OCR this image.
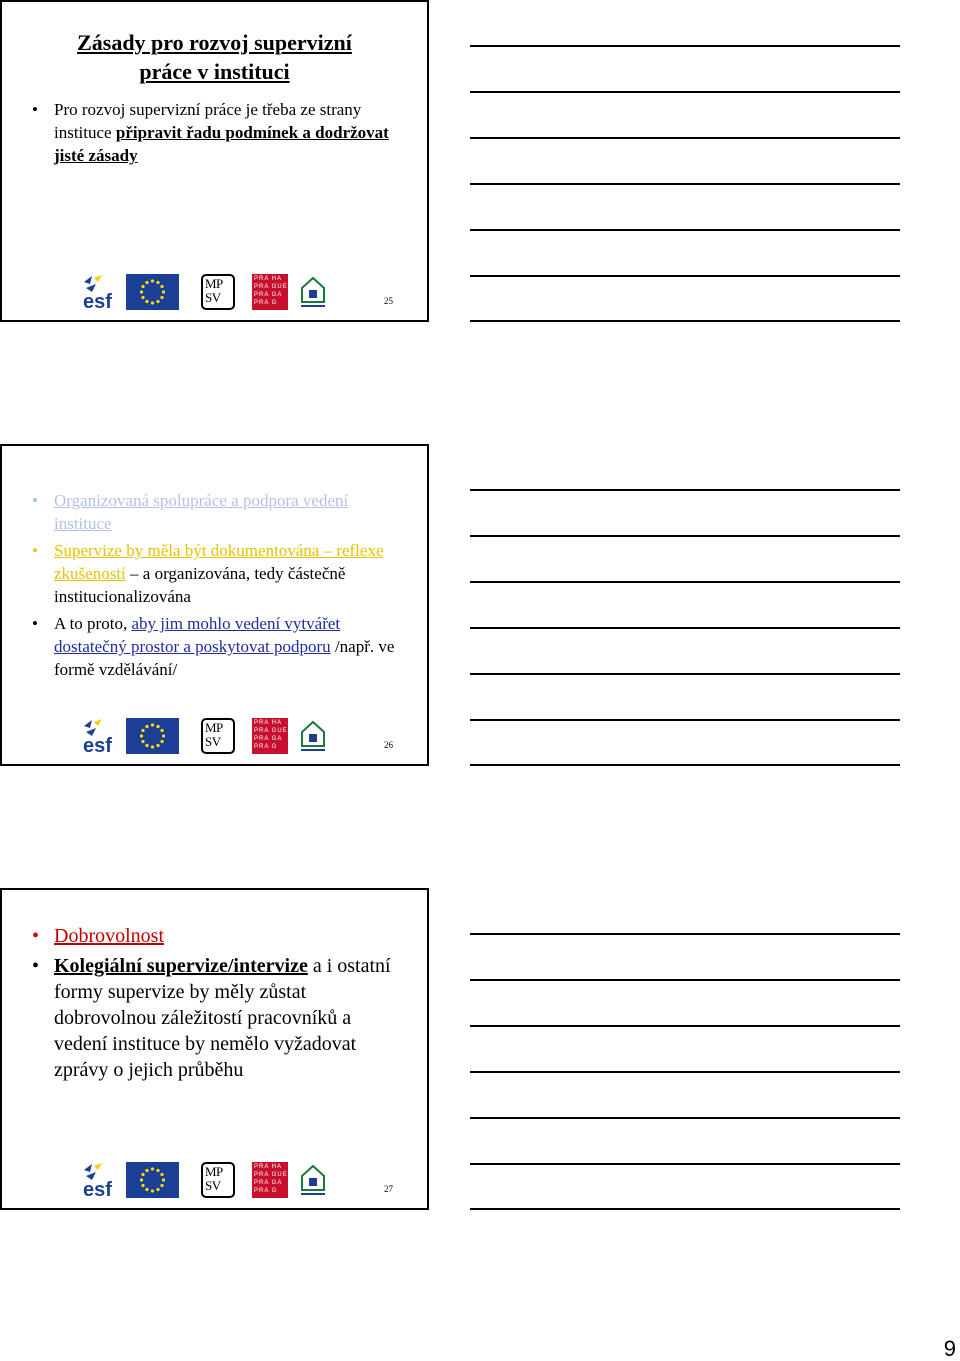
Zásady pro rozvoj supervizní
práce v instituci
• Pro rozvoj supervizní práce je třeba ze strany instituce připravit řadu podmínek a dodržovat jisté zásady
esf
MP
SV
PRA HA
PRA GUE
PRA GA
PRA G	25
• Organizovaná spolupráce a podpora vedení instituce
• Supervize by měla být dokumentována – reflexe zkušeností – a organizována, tedy částečně institucionalizována
• A to proto, aby jim mohlo vedení vytvářet dostatečný prostor a poskytovat podporu /např. ve formě vzdělávání/
esf
MP
SV
PRA HA
PRA GUE
PRA GA
PRA G	26
• Dobrovolnost
• Kolegiální supervize/intervize a i ostatní formy supervize by měly zůstat dobrovolnou záležitostí pracovníků a vedení instituce by nemělo vyžadovat zprávy o jejich průběhu
esf
MP
SV
PRA HA
PRA GUE
PRA GA
PRA G	27
9
